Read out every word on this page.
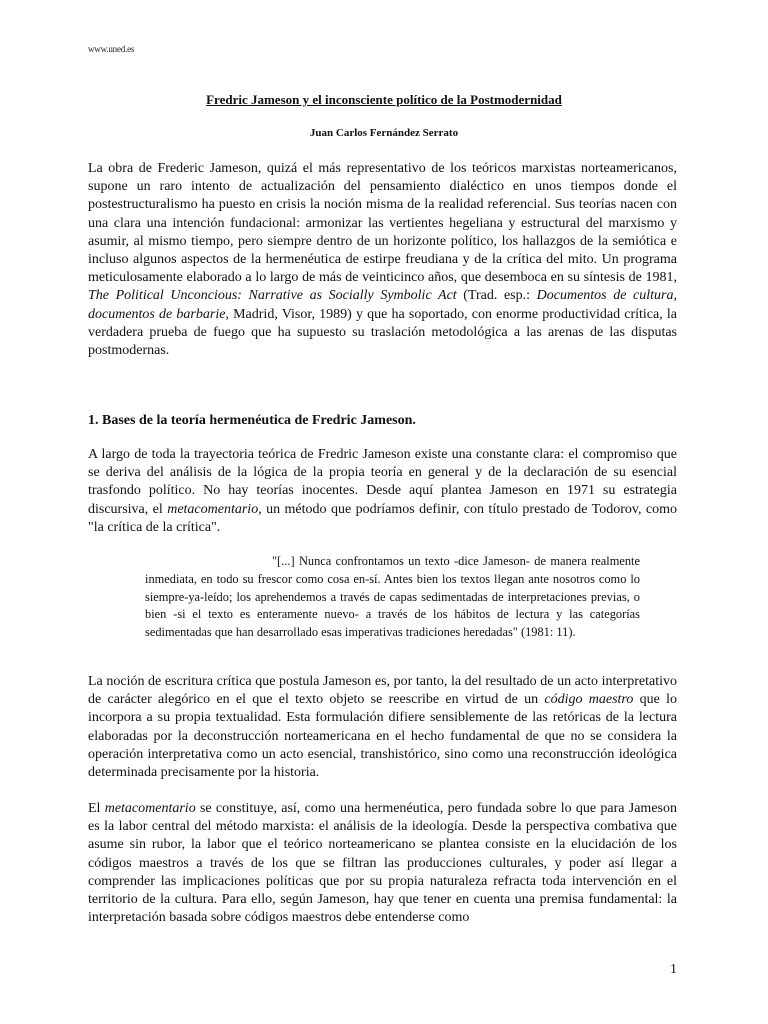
www.uned.es
Fredric Jameson y el inconsciente político de la Postmodernidad
Juan Carlos Fernández Serrato

La obra de Frederic Jameson, quizá el más representativo de los teóricos marxistas norteamericanos, supone un raro intento de actualización del pensamiento dialéctico en unos tiempos donde el postestructuralismo ha puesto en crisis la noción misma de la realidad referencial. Sus teorías nacen con una clara una intención fundacional: armonizar las vertientes hegeliana y estructural del marxismo y asumir, al mismo tiempo, pero siempre dentro de un horizonte político, los hallazgos de la semiótica e incluso algunos aspectos de la hermenéutica de estirpe freudiana y de la crítica del mito. Un programa meticulosamente elaborado a lo largo de más de veinticinco años, que desemboca en su síntesis de 1981, The Political Unconcious: Narrative as Socially Symbolic Act (Trad. esp.: Documentos de cultura, documentos de barbarie, Madrid, Visor, 1989) y que ha soportado, con enorme productividad crítica, la verdadera prueba de fuego que ha supuesto su traslación metodológica a las arenas de las disputas postmodernas.

1. Bases de la teoría hermenéutica de Fredric Jameson.

A largo de toda la trayectoria teórica de Fredric Jameson existe una constante clara: el compromiso que se deriva del análisis de la lógica de la propia teoría en general y de la declaración de su esencial trasfondo político. No hay teorías inocentes. Desde aquí plantea Jameson en 1971 su estrategia discursiva, el metacomentario, un método que podríamos definir, con título prestado de Todorov, como "la crítica de la crítica".

"[...] Nunca confrontamos un texto -dice Jameson- de manera realmente inmediata, en todo su frescor como cosa en-sí. Antes bien los textos llegan ante nosotros como lo siempre-ya-leído; los aprehendemos a través de capas sedimentadas de interpretaciones previas, o bien -si el texto es enteramente nuevo- a través de los hábitos de lectura y las categorías sedimentadas que han desarrollado esas imperativas tradiciones heredadas" (1981: 11).

La noción de escritura crítica que postula Jameson es, por tanto, la del resultado de un acto interpretativo de carácter alegórico en el que el texto objeto se reescribe en virtud de un código maestro que lo incorpora a su propia textualidad. Esta formulación difiere sensiblemente de las retóricas de la lectura elaboradas por la deconstrucción norteamericana en el hecho fundamental de que no se considera la operación interpretativa como un acto esencial, transhistórico, sino como una reconstrucción ideológica determinada precisamente por la historia.

El metacomentario se constituye, así, como una hermenéutica, pero fundada sobre lo que para Jameson es la labor central del método marxista: el análisis de la ideología. Desde la perspectiva combativa que asume sin rubor, la labor que el teórico norteamericano se plantea consiste en la elucidación de los códigos maestros a través de los que se filtran las producciones culturales, y poder así llegar a comprender las implicaciones políticas que por su propia naturaleza refracta toda intervención en el territorio de la cultura. Para ello, según Jameson, hay que tener en cuenta una premisa fundamental: la interpretación basada sobre códigos maestros debe entenderse como

1
